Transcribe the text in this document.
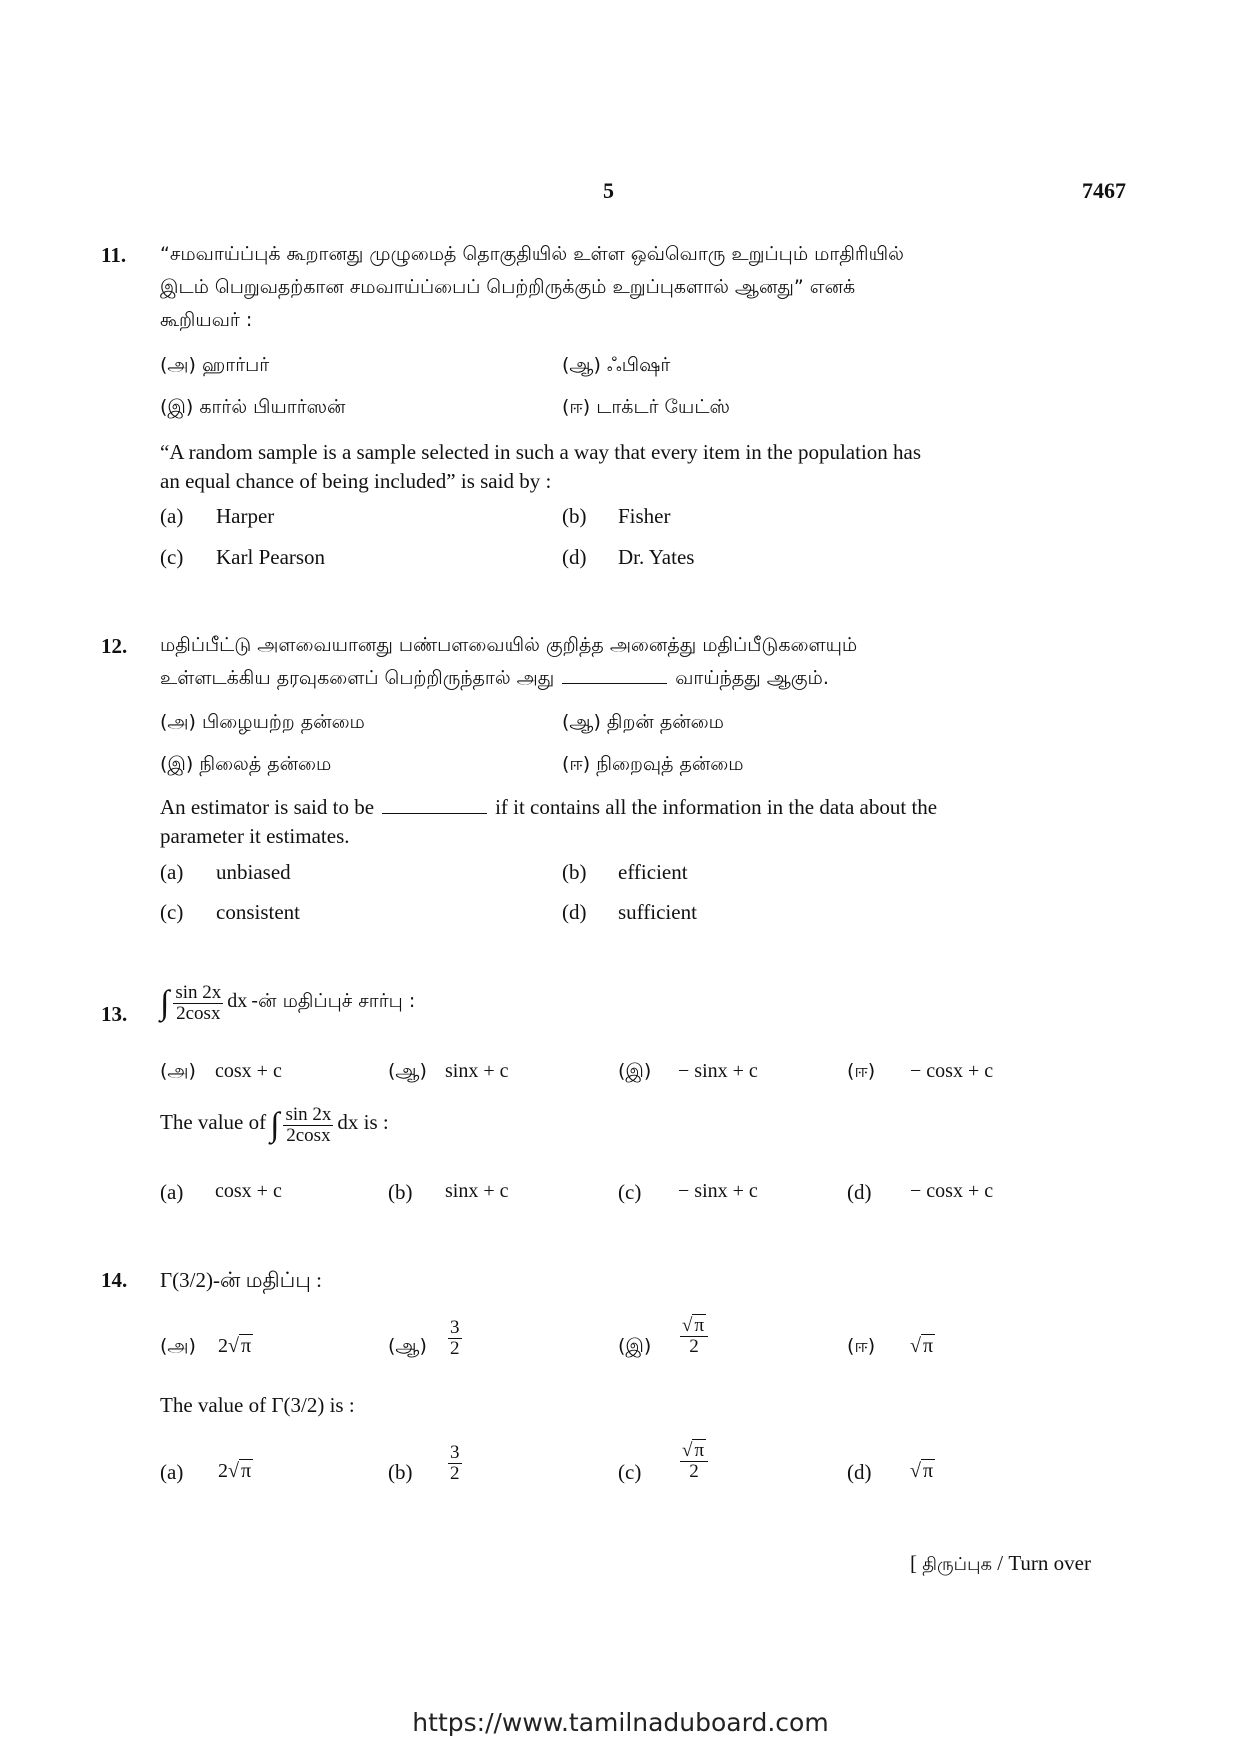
5	7467
11. “சமவாய்ப்புக் கூறானது முழுமைத் தொகுதியில் உள்ள ஒவ்வொரு உறுப்பும் மாதிரியில்
இடம் பெறுவதற்கான சமவாய்ப்பைப் பெற்றிருக்கும் உறுப்புகளால் ஆனது” எனக்
கூறியவர் :
(அ) ஹார்பர்	(ஆ) ஃபிஷர்
(இ) கார்ல் பியார்ஸன்	(ஈ) டாக்டர் யேட்ஸ்
“A random sample is a sample selected in such a way that every item in the population has
an equal chance of being included” is said by :
(a) Harper	(b) Fisher
(c) Karl Pearson	(d) Dr. Yates
12. மதிப்பீட்டு அளவையானது பண்பளவையில் குறித்த அனைத்து மதிப்பீடுகளையும்
உள்ளடக்கிய தரவுகளைப் பெற்றிருந்தால் அது	வாய்ந்தது ஆகும்.
(அ) பிழையற்ற தன்மை	(ஆ) திறன் தன்மை
(இ) நிலைத் தன்மை	(ஈ) நிறைவுத் தன்மை
An estimator is said to be	if it contains all the information in the data about the
parameter it estimates.
(a) unbiased	(b) efficient
(c) consistent	(d) sufficient
13. ∫ $\frac{\sin 2x}{2\cos x}$ dx -ன் மதிப்புச் சார்பு :
(அ) cosx + c	(ஆ) sinx + c	(இ) − sinx + c	(ஈ) − cosx + c
The value of ∫ $\frac{\sin 2x}{2\cos x}$ dx is :
(a) cosx + c	(b) sinx + c	(c) − sinx + c	(d) − cosx + c
14. Γ(3/2)-ன் மதிப்பு :
(அ) 2√ π	(ஆ) $\frac{3}{2}$	(இ) $\frac{√ \pi}{2}$	(ஈ) √ π
The value of Γ(3/2) is :
(a) 2√ π	$(b) \frac{3}{2}$	$(c) \frac{√ \pi}{2}$	(d) √ π
[ திருப்புக / Turn over
https://www.tamilnaduboard.com
